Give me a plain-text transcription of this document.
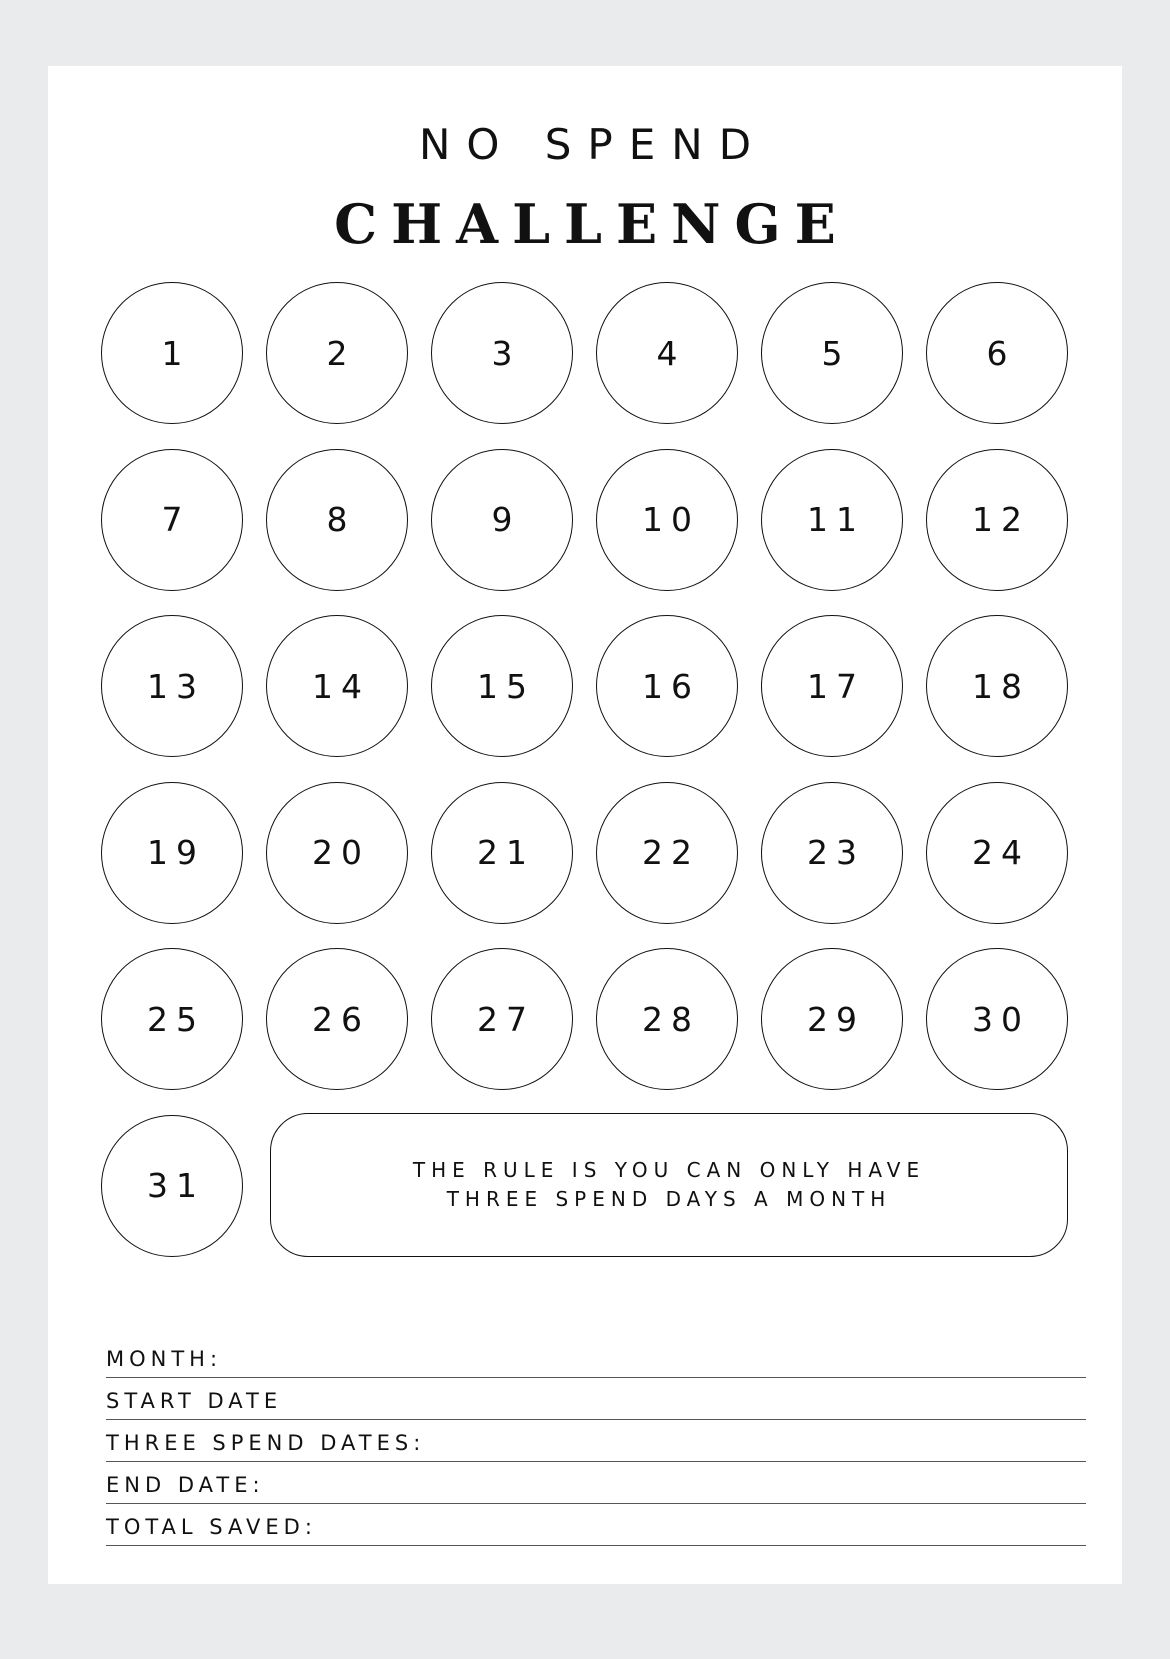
NO SPEND
CHALLENGE
1	2	3	4	5	6
7	8	9	10	11	12
13	14	15	16	17	18
19	20	21	22	23	24
25	26	27	28	29	30
31	THE RULE IS YOU CAN ONLY HAVE
THREE SPEND DAYS A MONTH
MONTH:
START DATE
THREE SPEND DATES:
END DATE:
TOTAL SAVED:
